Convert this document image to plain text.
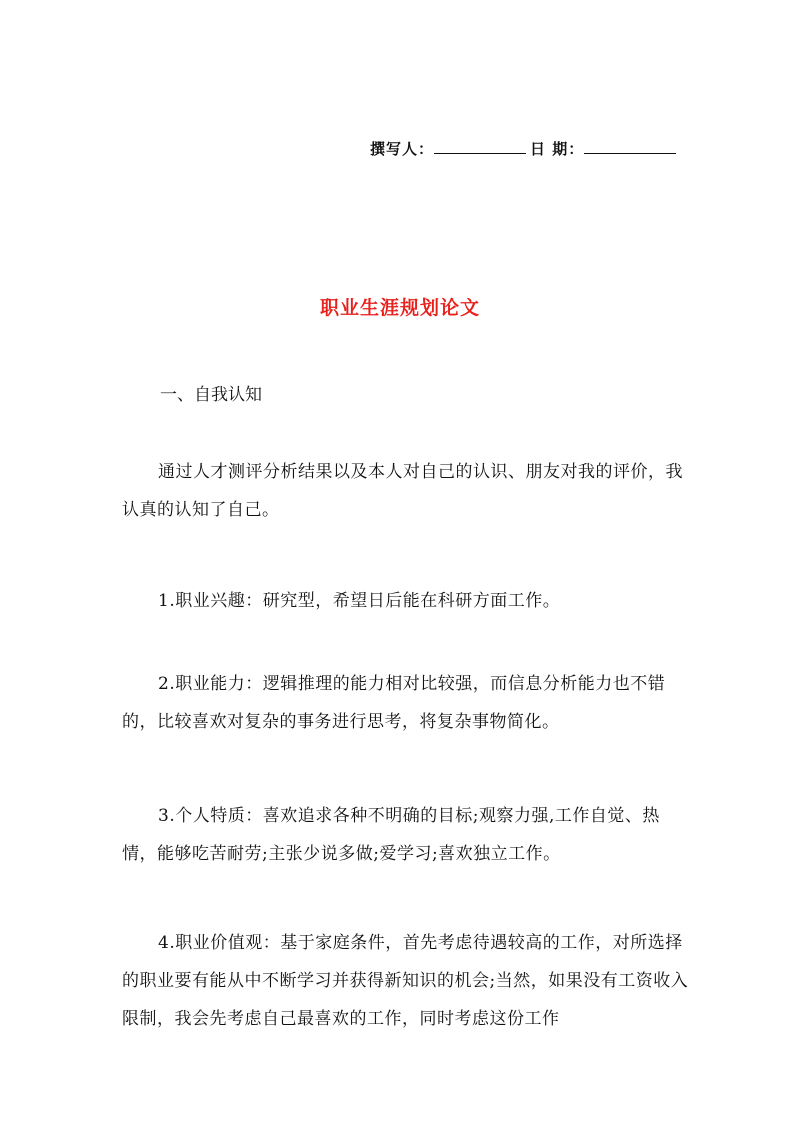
撰写人：	日 期：
职业生涯规划论文
一、自我认知

通过人才测评分析结果以及本人对自己的认识、朋友对我的评价，我认真的认知了自己。

1.职业兴趣：研究型，希望日后能在科研方面工作。

2.职业能力：逻辑推理的能力相对比较强，而信息分析能力也不错的，比较喜欢对复杂的事务进行思考，将复杂事物简化。

3.个人特质：喜欢追求各种不明确的目标;观察力强,工作自觉、热情，能够吃苦耐劳;主张少说多做;爱学习;喜欢独立工作。

4.职业价值观：基于家庭条件，首先考虑待遇较高的工作，对所选择的职业要有能从中不断学习并获得新知识的机会;当然，如果没有工资收入限制，我会先考虑自己最喜欢的工作，同时考虑这份工作
